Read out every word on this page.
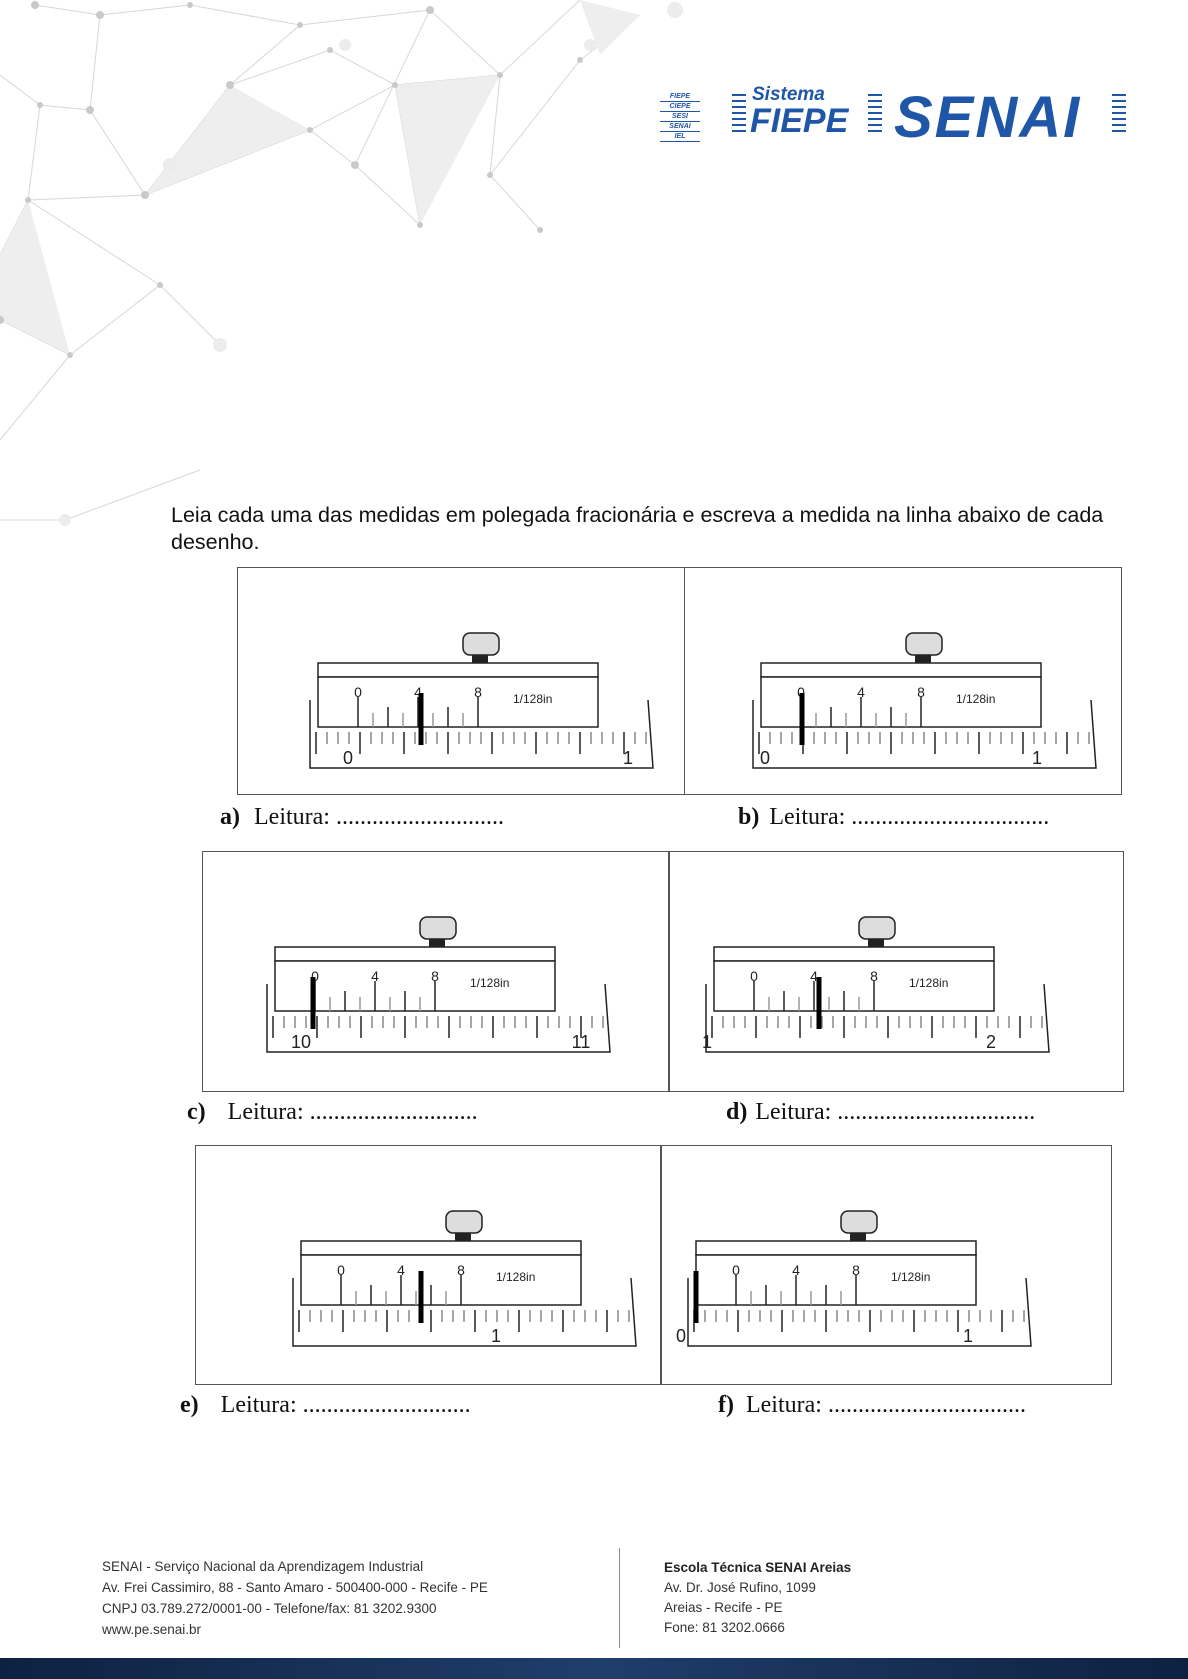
FIEPE
CIEPE
SESI
SENAI
IEL
Sistema
FIEPE SENAI
Leia cada uma das medidas em polegada fracionária e escreva a medida na linha abaixo de cada desenho.
0	4	8	1/128in
0	1
0	4	8	1/128in
0	1
0	4	8	1/128in
10	11
0	4	8	1/128in
1	2
0	4	8	1/128in
1
0	4	8	1/128in
0	1
a) Leitura: ............................	b) Leitura: .................................
c) Leitura: ............................	d) Leitura: .................................
e) Leitura: ............................	f) Leitura: .................................
SENAI - Serviço Nacional da Aprendizagem Industrial
Av. Frei Cassimiro, 88 - Santo Amaro - 500400-000 - Recife - PE
CNPJ 03.789.272/0001-00 - Telefone/fax: 81 3202.9300
www.pe.senai.br
Escola Técnica SENAI Areias
Av. Dr. José Rufino, 1099
Areias - Recife - PE
Fone: 81 3202.0666
